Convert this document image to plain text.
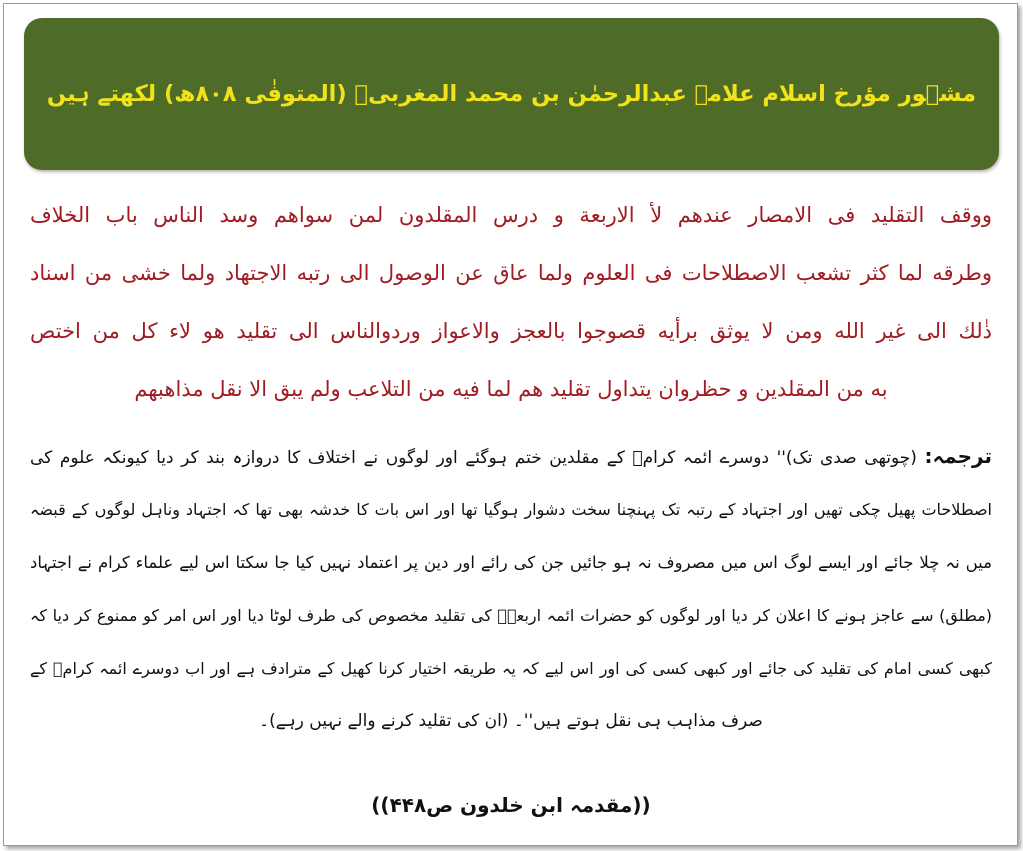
مشہور مؤرخ اسلام علامہ عبدالرحمٰن بن محمد المغربیؒ (المتوفٰی ۸۰۸ھ) لکھتے ہیں
ووقف التقليد فی الامصار عندهم لأ الاربعة و درس المقلدون لمن سواهم وسد الناس باب الخلاف
وطرقه لما كثر تشعب الاصطلاحات فی العلوم ولما عاق عن الوصول الی رتبه الاجتهاد ولما خشی من اسناد
ذٰلك الی غير الله ومن لا يوثق برأيه قصوجوا بالعجز والاعواز وردوالناس الی تقليد هو لاء كل من اختص
به من المقلدين و حظروان يتداول تقليد هم لما فيه من التلاعب ولم يبق الا نقل مذاهبهم
ترجمہ: (چوتھی صدی تک)'' دوسرے ائمہ کرامؒ کے مقلدین ختم ہوگئے اور لوگوں نے اختلاف کا دروازہ بند کر دیا کیونکہ علوم کی
اصطلاحات پھیل چکی تھیں اور اجتہاد کے رتبہ تک پہنچنا سخت دشوار ہوگیا تھا اور اس بات کا خدشہ بھی تھا کہ اجتہاد وناہل لوگوں کے قبضہ
میں نہ چلا جائے اور ایسے لوگ اس میں مصروف نہ ہو جائیں جن کی رائے اور دین پر اعتماد نہیں کیا جا سکتا اس لیے علماء کرام نے اجتہاد
(مطلق) سے عاجز ہونے کا اعلان کر دیا اور لوگوں کو حضرات ائمہ اربعہؒ کی تقلید مخصوص کی طرف لوٹا دیا اور اس امر کو ممنوع کر دیا کہ
کبھی کسی امام کی تقلید کی جائے اور کبھی کسی کی اور اس لیے کہ یہ طریقہ اختیار کرنا کھیل کے مترادف ہے اور اب دوسرے ائمہ کرامؒ کے
صرف مذاہب ہی نقل ہوتے ہیں''۔ (ان کی تقلید کرنے والے نہیں رہے)۔
((مقدمہ ابن خلدون ص۴۴۸))
